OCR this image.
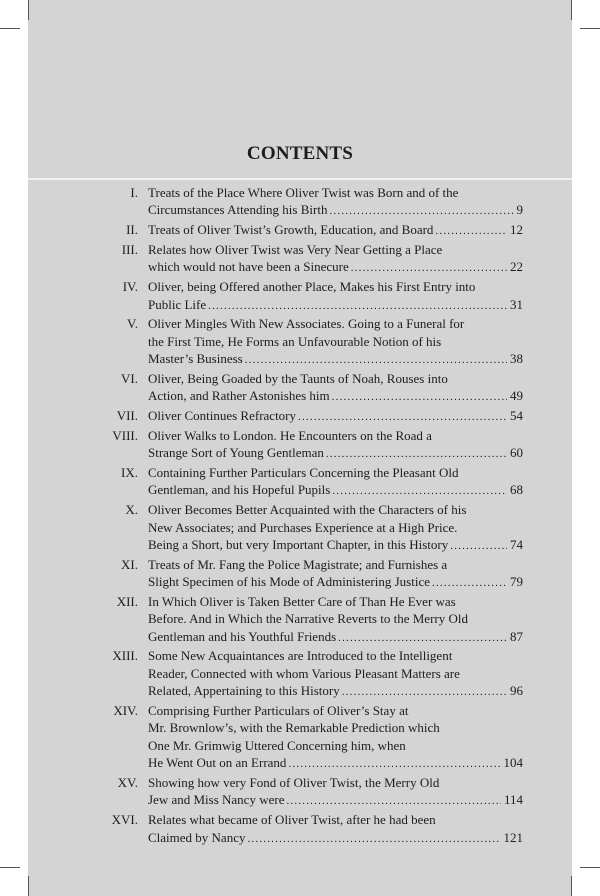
CONTENTS
I. Treats of the Place Where Oliver Twist was Born and of the
Circumstances Attending his Birth .....	9
II. Treats of Oliver Twist’s Growth, Education, and Board .....	12
III. Relates how Oliver Twist was Very Near Getting a Place
which would not have been a Sinecure .....	22
IV. Oliver, being Offered another Place, Makes his First Entry into
Public Life .....	31
V. Oliver Mingles With New Associates. Going to a Funeral for
the First Time, He Forms an Unfavourable Notion of his
Master’s Business .....	38
VI. Oliver, Being Goaded by the Taunts of Noah, Rouses into
Action, and Rather Astonishes him .....	49
VII. Oliver Continues Refractory .....	54
VIII. Oliver Walks to London. He Encounters on the Road a
Strange Sort of Young Gentleman .....	60
IX. Containing Further Particulars Concerning the Pleasant Old
Gentleman, and his Hopeful Pupils .....	68
X. Oliver Becomes Better Acquainted with the Characters of his
New Associates; and Purchases Experience at a High Price.
Being a Short, but very Important Chapter, in this History .....	74
XI. Treats of Mr. Fang the Police Magistrate; and Furnishes a
Slight Specimen of his Mode of Administering Justice .....	79
XII. In Which Oliver is Taken Better Care of Than He Ever was
Before. And in Which the Narrative Reverts to the Merry Old
Gentleman and his Youthful Friends .....	87
XIII. Some New Acquaintances are Introduced to the Intelligent
Reader, Connected with whom Various Pleasant Matters are
Related, Appertaining to this History .....	96
XIV. Comprising Further Particulars of Oliver’s Stay at
Mr. Brownlow’s, with the Remarkable Prediction which
One Mr. Grimwig Uttered Concerning him, when
He Went Out on an Errand .....	104
XV. Showing how very Fond of Oliver Twist, the Merry Old
Jew and Miss Nancy were .....	114
XVI. Relates what became of Oliver Twist, after he had been
Claimed by Nancy .....	121
